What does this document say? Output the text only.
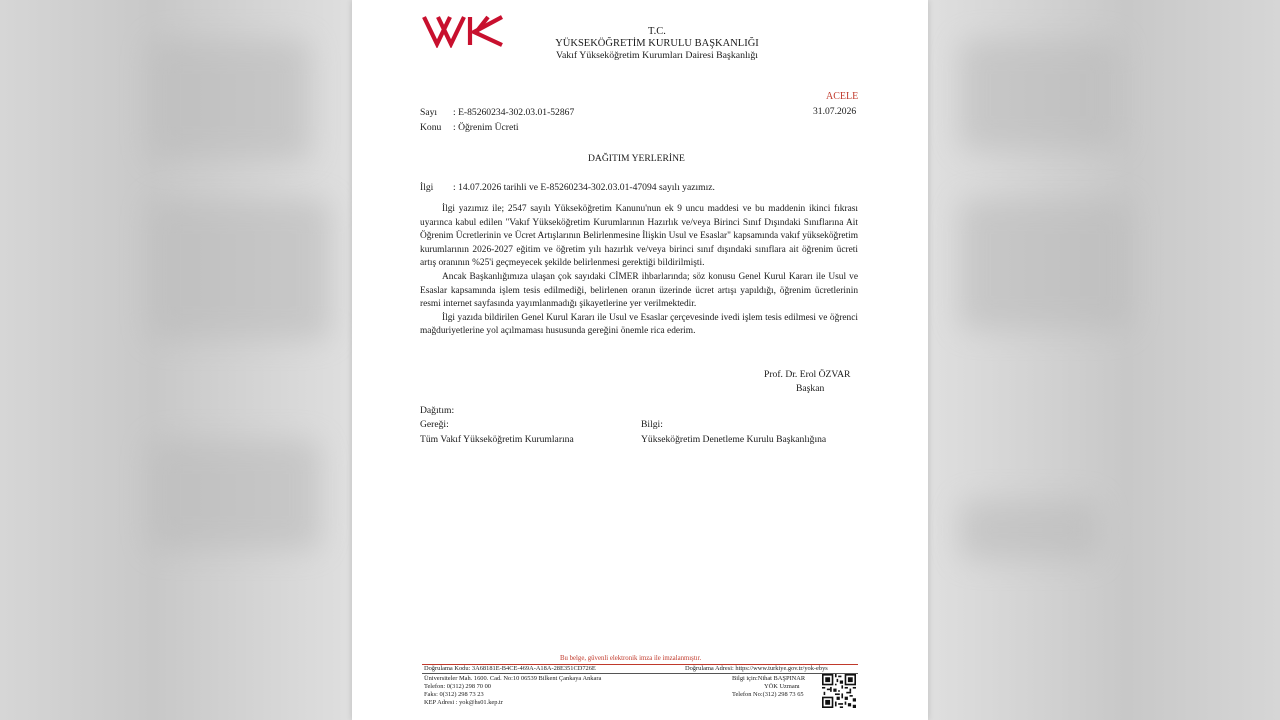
T.C.
YÜKSEKÖĞRETİM KURULU BAŞKANLIĞI
Vakıf Yükseköğretim Kurumları Dairesi Başkanlığı
ACELE
31.07.2026
Sayı : E-85260234-302.03.01-52867
Konu : Öğrenim Ücreti
DAĞITIM YERLERİNE
İlgi : 14.07.2026 tarihli ve E-85260234-302.03.01-47094 sayılı yazımız.

İlgi yazımız ile; 2547 sayılı Yükseköğretim Kanunu'nun ek 9 uncu maddesi ve bu maddenin ikinci fıkrası uyarınca kabul edilen "Vakıf Yükseköğretim Kurumlarının Hazırlık ve/veya Birinci Sınıf Dışındaki Sınıflarına Ait Öğrenim Ücretlerinin ve Ücret Artışlarının Belirlenmesine İlişkin Usul ve Esaslar" kapsamında vakıf yükseköğretim kurumlarının 2026-2027 eğitim ve öğretim yılı hazırlık ve/veya birinci sınıf dışındaki sınıflara ait öğrenim ücreti artış oranının %25'i geçmeyecek şekilde belirlenmesi gerektiği bildirilmişti.

Ancak Başkanlığımıza ulaşan çok sayıdaki CİMER ihbarlarında; söz konusu Genel Kurul Kararı ile Usul ve Esaslar kapsamında işlem tesis edilmediği, belirlenen oranın üzerinde ücret artışı yapıldığı, öğrenim ücretlerinin resmi internet sayfasında yayımlanmadığı şikayetlerine yer verilmektedir.

İlgi yazıda bildirilen Genel Kurul Kararı ile Usul ve Esaslar çerçevesinde ivedi işlem tesis edilmesi ve öğrenci mağduriyetlerine yol açılmaması hususunda gereğini önemle rica ederim.

Prof. Dr. Erol ÖZVAR
Başkan
Dağıtım:
Gereği:
Tüm Vakıf Yükseköğretim Kurumlarına
Bilgi:
Yükseköğretim Denetleme Kurulu Başkanlığına
Bu belge, güvenli elektronik imza ile imzalanmıştır.
Doğrulama Kodu: 3A68181E-B4CE-469A-A18A-28E351CD726E	Doğrulama Adresi: https://www.turkiye.gov.tr/yok-ebys
Üniversiteler Mah. 1600. Cad. No:10 06539 Bilkent Çankaya Ankara
Telefon: 0(312) 298 70 00
Faks: 0(312) 298 73 23
KEP Adresi : yok@hs01.kep.tr
Bilgi için:Nihat BAŞPINAR
YÖK Uzmanı
Telefon No:(312) 298 73 65
